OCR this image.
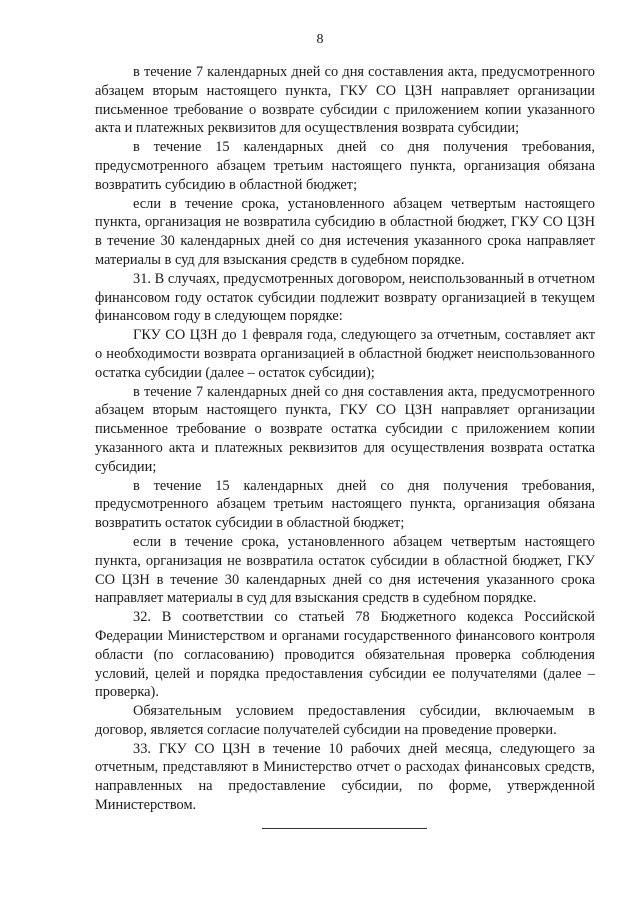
8

в течение 7 календарных дней со дня составления акта, предусмотренного абзацем вторым настоящего пункта, ГКУ СО ЦЗН направляет организации письменное требование о возврате субсидии с приложением копии указанного акта и платежных реквизитов для осуществления возврата субсидии;

в течение 15 календарных дней со дня получения требования, предусмотренного абзацем третьим настоящего пункта, организация обязана возвратить субсидию в областной бюджет;

если в течение срока, установленного абзацем четвертым настоящего пункта, организация не возвратила субсидию в областной бюджет, ГКУ СО ЦЗН в течение 30 календарных дней со дня истечения указанного срока направляет материалы в суд для взыскания средств в судебном порядке.

31. В случаях, предусмотренных договором, неиспользованный в отчетном финансовом году остаток субсидии подлежит возврату организацией в текущем финансовом году в следующем порядке:

ГКУ СО ЦЗН до 1 февраля года, следующего за отчетным, составляет акт о необходимости возврата организацией в областной бюджет неиспользованного остатка субсидии (далее – остаток субсидии);

в течение 7 календарных дней со дня составления акта, предусмотренного абзацем вторым настоящего пункта, ГКУ СО ЦЗН направляет организации письменное требование о возврате остатка субсидии с приложением копии указанного акта и платежных реквизитов для осуществления возврата остатка субсидии;

в течение 15 календарных дней со дня получения требования, предусмотренного абзацем третьим настоящего пункта, организация обязана возвратить остаток субсидии в областной бюджет;

если в течение срока, установленного абзацем четвертым настоящего пункта, организация не возвратила остаток субсидии в областной бюджет, ГКУ СО ЦЗН в течение 30 календарных дней со дня истечения указанного срока направляет материалы в суд для взыскания средств в судебном порядке.

32. В соответствии со статьей 78 Бюджетного кодекса Российской Федерации Министерством и органами государственного финансового контроля области (по согласованию) проводится обязательная проверка соблюдения условий, целей и порядка предоставления субсидии ее получателями (далее – проверка).

Обязательным условием предоставления субсидии, включаемым в договор, является согласие получателей субсидии на проведение проверки.

33. ГКУ СО ЦЗН в течение 10 рабочих дней месяца, следующего за отчетным, представляют в Министерство отчет о расходах финансовых средств, направленных на предоставление субсидии, по форме, утвержденной Министерством.
